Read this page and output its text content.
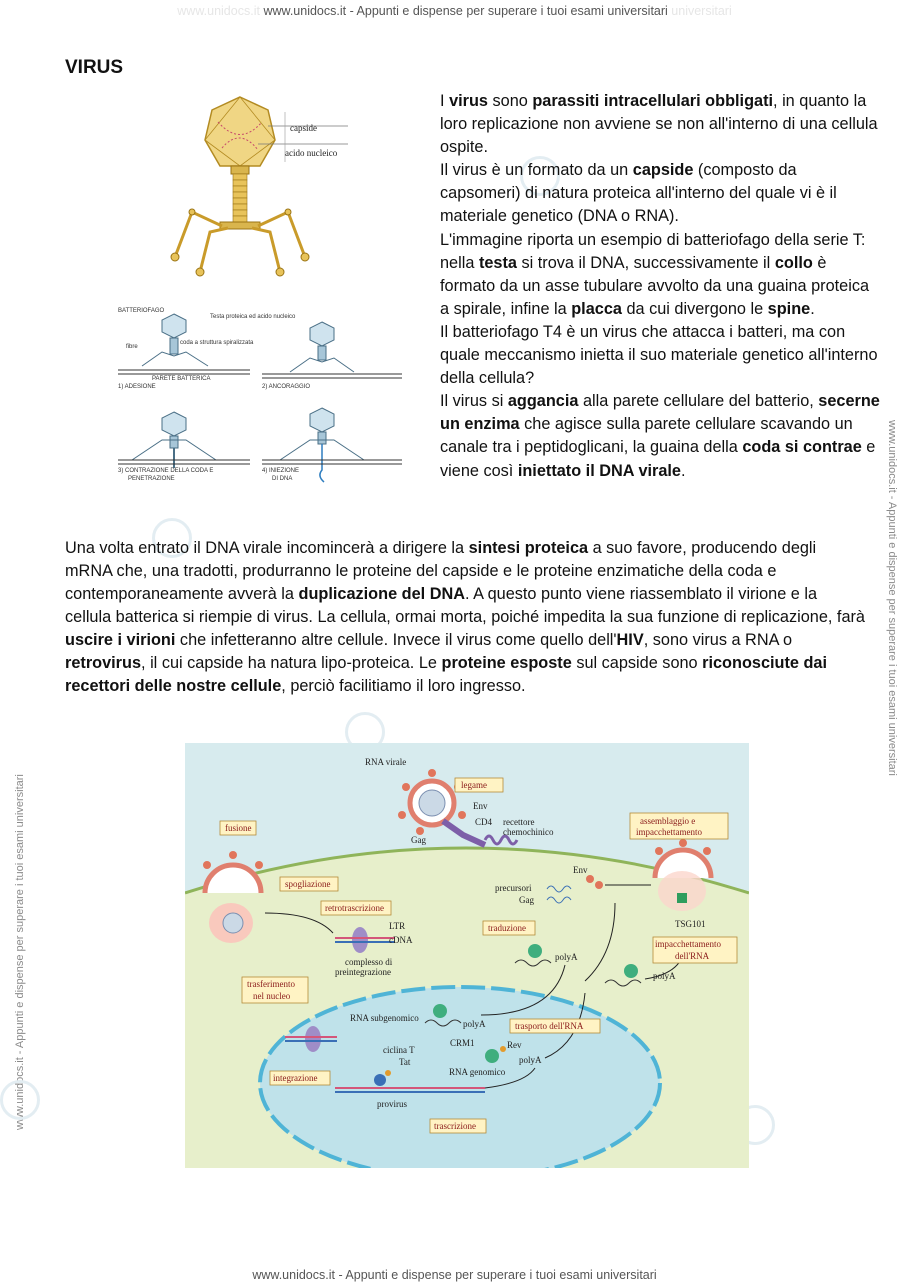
www.unidocs.it www.unidocs.it - Appunti e dispense per superare i tuoi esami universitari universitari
www.unidocs.it - Appunti e dispense per superare i tuoi esami universitari
www.unidocs.it - Appunti e dispense per superare i tuoi esami universitari
VIRUS
capside
acido nucleico
BATTERIOFAGO
Testa proteica ed acido nucleico
coda a struttura spiralizzata
fibre
PARETE BATTERICA
1) ADESIONE	2) ANCORAGGIO
3) CONTRAZIONE DELLA CODA E
PENETRAZIONE
4) INIEZIONE
DI DNA
I virus sono parassiti intracellulari obbligati, in quanto la loro replicazione non avviene se non all'interno di una cellula ospite.
Il virus è un formato da un capside (composto da capsomeri) di natura proteica all'interno del quale vi è il materiale genetico (DNA o RNA).
L'immagine riporta un esempio di batteriofago della serie T: nella testa si trova il DNA, successivamente il collo è formato da un asse tubulare avvolto da una guaina proteica a spirale, infine la placca da cui divergono le spine.
Il batteriofago T4 è un virus che attacca i batteri, ma con quale meccanismo inietta il suo materiale genetico all'interno della cellula?
Il virus si aggancia alla parete cellulare del batterio, secerne un enzima che agisce sulla parete cellulare scavando un canale tra i peptidoglicani, la guaina della coda si contrae e viene così iniettato il DNA virale.
Una volta entrato il DNA virale incomincerà a dirigere la sintesi proteica a suo favore, producendo degli mRNA che, una tradotti, produrranno le proteine del capside e le proteine enzimatiche della coda e contemporaneamente avverà la duplicazione del DNA. A questo punto viene riassemblato il virione e la cellula batterica si riempie di virus. La cellula, ormai morta, poiché impedita la sua funzione di replicazione, farà uscire i virioni che infetteranno altre cellule. Invece il virus come quello dell'HIV, sono virus a RNA o retrovirus, il cui capside ha natura lipo-proteica. Le proteine esposte sul capside sono riconosciute dai recettori delle nostre cellule, perciò facilitiamo il loro ingresso.
RNA virale
Env
CD4
Gag
recettore
chemochinico
LTR
cDNA
complesso di
preintegrazione
precursori
Gag
Env
TSG101
polyA
polyA
RNA subgenomico
polyA
ciclina T
Tat
provirus
CRM1	Rev
RNA genomico
polyA
legame
fusione
assemblaggio e
impacchettamento
spogliazione
retrotrascrizione
traduzione
impacchettamento
dell'RNA
trasferimento
nel nucleo
trasporto dell'RNA
integrazione
trascrizione
www.unidocs.it - Appunti e dispense per superare i tuoi esami universitari
